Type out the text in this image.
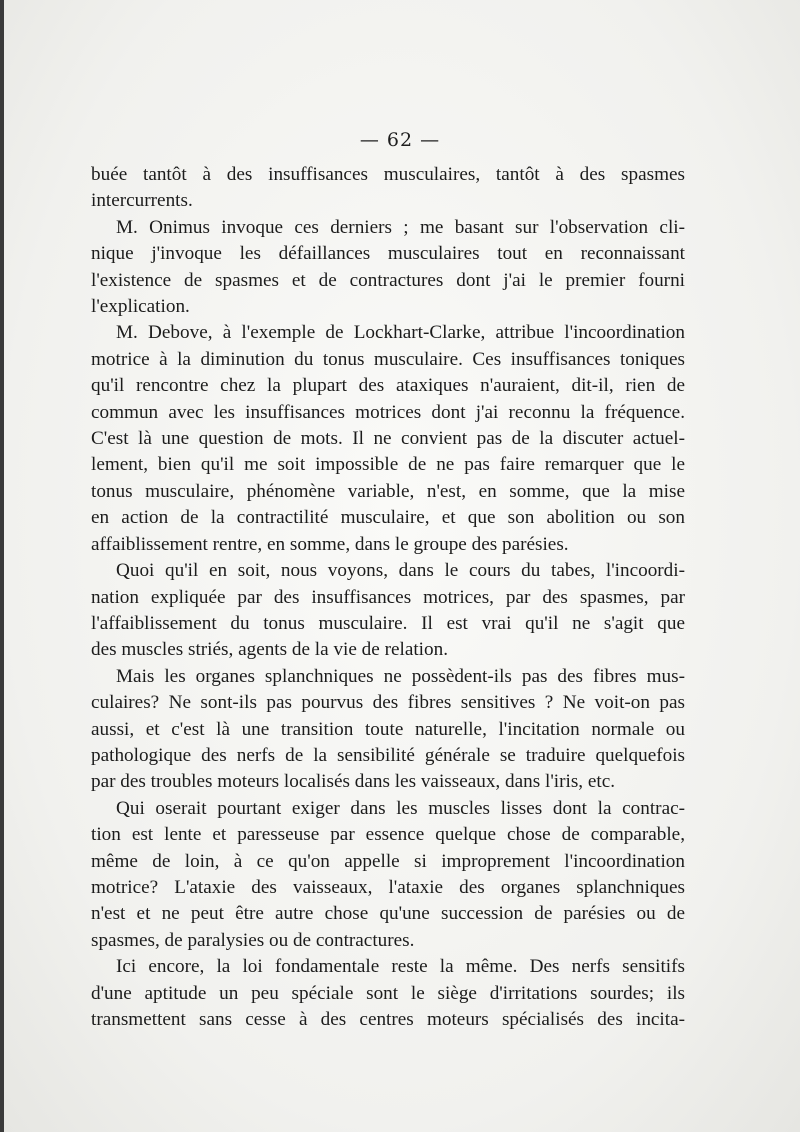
— 62 —

buée tantôt à des insuffisances musculaires, tantôt à des spasmes

intercurrents.

M. Onimus invoque ces derniers ; me basant sur l'observation cli-

nique j'invoque les défaillances musculaires tout en reconnaissant

l'existence de spasmes et de contractures dont j'ai le premier fourni

l'explication.

M. Debove, à l'exemple de Lockhart-Clarke, attribue l'incoordination

motrice à la diminution du tonus musculaire. Ces insuffisances toniques

qu'il rencontre chez la plupart des ataxiques n'auraient, dit-il, rien de

commun avec les insuffisances motrices dont j'ai reconnu la fréquence.

C'est là une question de mots. Il ne convient pas de la discuter actuel-

lement, bien qu'il me soit impossible de ne pas faire remarquer que le

tonus musculaire, phénomène variable, n'est, en somme, que la mise

en action de la contractilité musculaire, et que son abolition ou son

affaiblissement rentre, en somme, dans le groupe des parésies.

Quoi qu'il en soit, nous voyons, dans le cours du tabes, l'incoordi-

nation expliquée par des insuffisances motrices, par des spasmes, par

l'affaiblissement du tonus musculaire. Il est vrai qu'il ne s'agit que

des muscles striés, agents de la vie de relation.

Mais les organes splanchniques ne possèdent-ils pas des fibres mus-

culaires? Ne sont-ils pas pourvus des fibres sensitives ? Ne voit-on pas

aussi, et c'est là une transition toute naturelle, l'incitation normale ou

pathologique des nerfs de la sensibilité générale se traduire quelquefois

par des troubles moteurs localisés dans les vaisseaux, dans l'iris, etc.

Qui oserait pourtant exiger dans les muscles lisses dont la contrac-

tion est lente et paresseuse par essence quelque chose de comparable,

même de loin, à ce qu'on appelle si improprement l'incoordination

motrice? L'ataxie des vaisseaux, l'ataxie des organes splanchniques

n'est et ne peut être autre chose qu'une succession de parésies ou de

spasmes, de paralysies ou de contractures.

Ici encore, la loi fondamentale reste la même. Des nerfs sensitifs

d'une aptitude un peu spéciale sont le siège d'irritations sourdes; ils

transmettent sans cesse à des centres moteurs spécialisés des incita-
